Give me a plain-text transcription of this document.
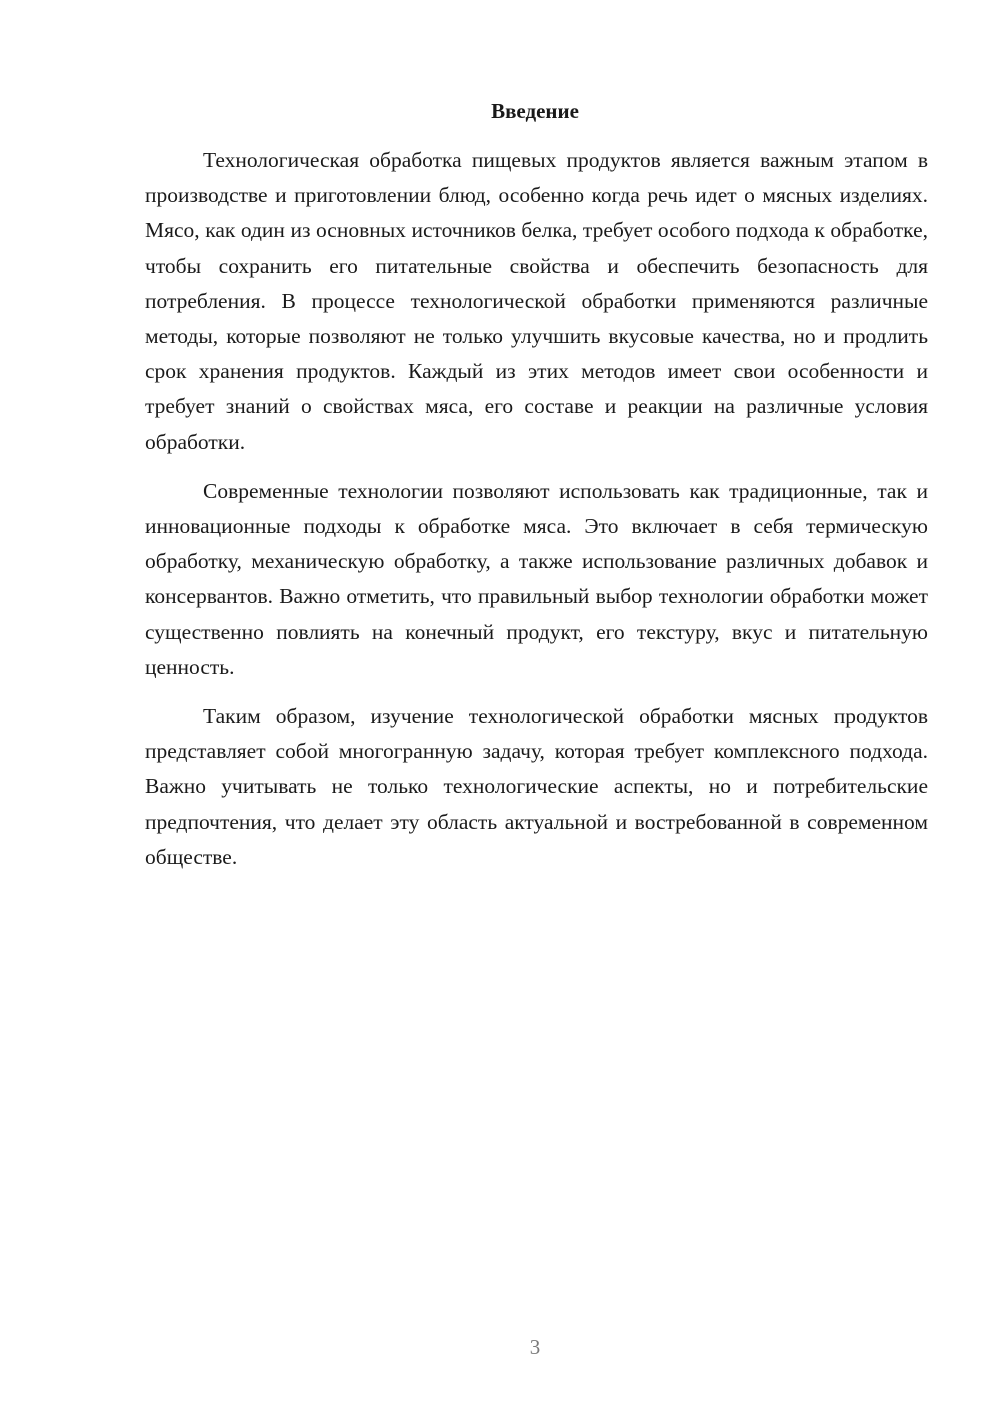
Введение

Технологическая обработка пищевых продуктов является важным этапом в производстве и приготовлении блюд, особенно когда речь идет о мясных изделиях. Мясо, как один из основных источников белка, требует особого подхода к обработке, чтобы сохранить его питательные свойства и обеспечить безопасность для потребления. В процессе технологической обработки применяются различные методы, которые позволяют не только улучшить вкусовые качества, но и продлить срок хранения продуктов. Каждый из этих методов имеет свои особенности и требует знаний о свойствах мяса, его составе и реакции на различные условия обработки.

Современные технологии позволяют использовать как традиционные, так и инновационные подходы к обработке мяса. Это включает в себя термическую обработку, механическую обработку, а также использование различных добавок и консервантов. Важно отметить, что правильный выбор технологии обработки может существенно повлиять на конечный продукт, его текстуру, вкус и питательную ценность.

Таким образом, изучение технологической обработки мясных продуктов представляет собой многогранную задачу, которая требует комплексного подхода. Важно учитывать не только технологические аспекты, но и потребительские предпочтения, что делает эту область актуальной и востребованной в современном обществе.

3
